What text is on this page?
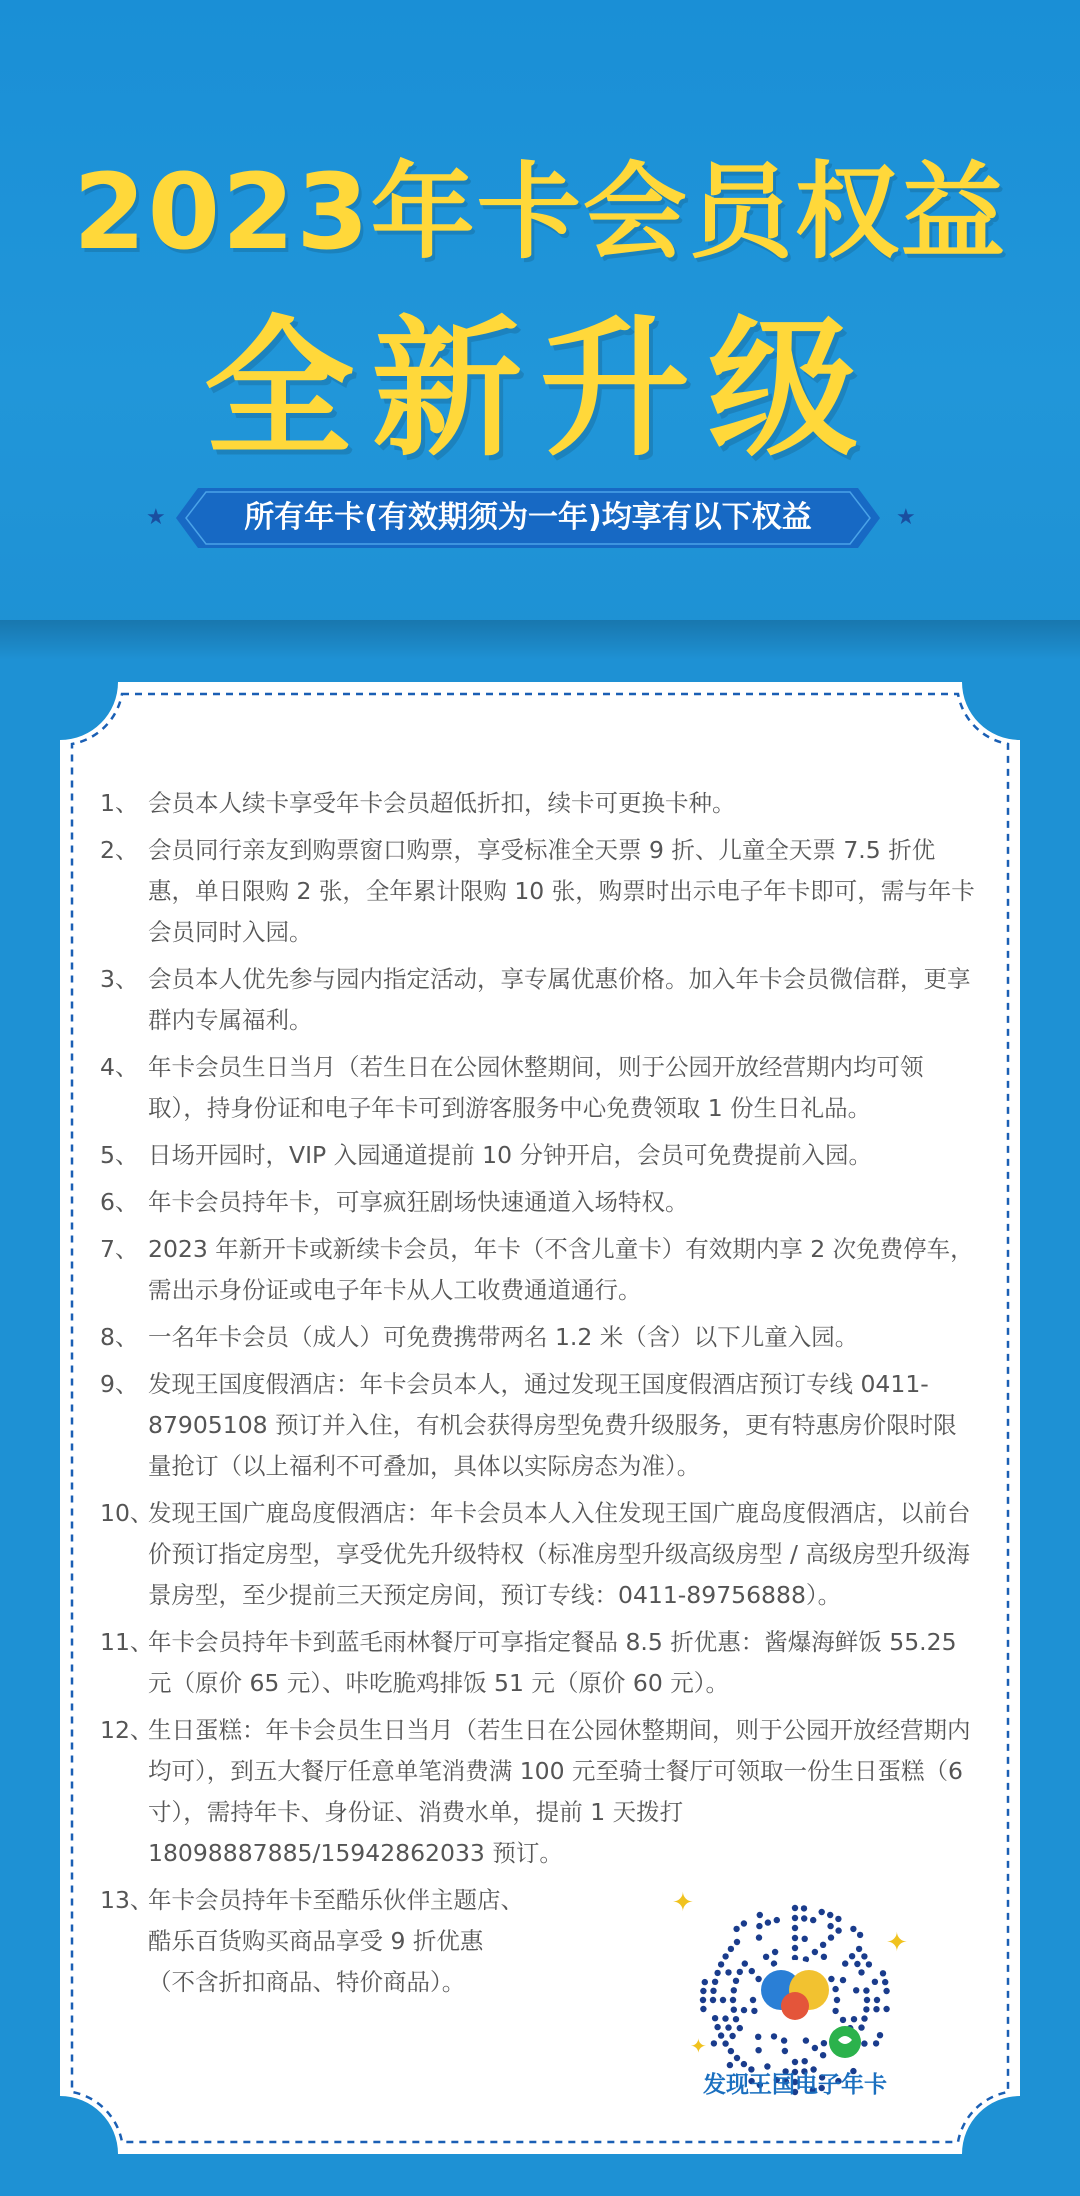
2023年卡会员权益
全新升级
★	所有年卡(有效期须为一年)均享有以下权益	★
1、 会员本人续卡享受年卡会员超低折扣，续卡可更换卡种。
2、 会员同行亲友到购票窗口购票，享受标准全天票 9 折、儿童全天票 7.5 折优惠，单日限购 2 张，全年累计限购 10 张，购票时出示电子年卡即可，需与年卡会员同时入园。
3、 会员本人优先参与园内指定活动，享专属优惠价格。加入年卡会员微信群，更享群内专属福利。
4、 年卡会员生日当月（若生日在公园休整期间，则于公园开放经营期内均可领取），持身份证和电子年卡可到游客服务中心免费领取 1 份生日礼品。
5、 日场开园时，VIP 入园通道提前 10 分钟开启，会员可免费提前入园。
6、 年卡会员持年卡，可享疯狂剧场快速通道入场特权。
7、 2023 年新开卡或新续卡会员，年卡（不含儿童卡）有效期内享 2 次免费停车，需出示身份证或电子年卡从人工收费通道通行。
8、 一名年卡会员（成人）可免费携带两名 1.2 米（含）以下儿童入园。
9、 发现王国度假酒店：年卡会员本人，通过发现王国度假酒店预订专线 0411-87905108 预订并入住，有机会获得房型免费升级服务，更有特惠房价限时限量抢订（以上福利不可叠加，具体以实际房态为准）。
10、
发现王国广鹿岛度假酒店：年卡会员本人入住发现王国广鹿岛度假酒店，以前台价预订指定房型，享受优先升级特权（标准房型升级高级房型 / 高级房型升级海景房型，至少提前三天预定房间，预订专线：0411-89756888）。
11、
年卡会员持年卡到蓝毛雨林餐厅可享指定餐品 8.5 折优惠：酱爆海鲜饭 55.25 元（原价 65 元）、咔吃脆鸡排饭 51 元（原价 60 元）。
12、
生日蛋糕：年卡会员生日当月（若生日在公园休整期间，则于公园开放经营期内均可），到五大餐厅任意单笔消费满 100 元至骑士餐厅可领取一份生日蛋糕（6 寸），需持年卡、身份证、消费水单，提前 1 天拨打 18098887885/15942862033 预订。
13、
年卡会员持年卡至酷乐伙伴主题店、
酷乐百货购买商品享受 9 折优惠
（不含折扣商品、特价商品）。
✦
✦
✦
发现王国电子年卡
